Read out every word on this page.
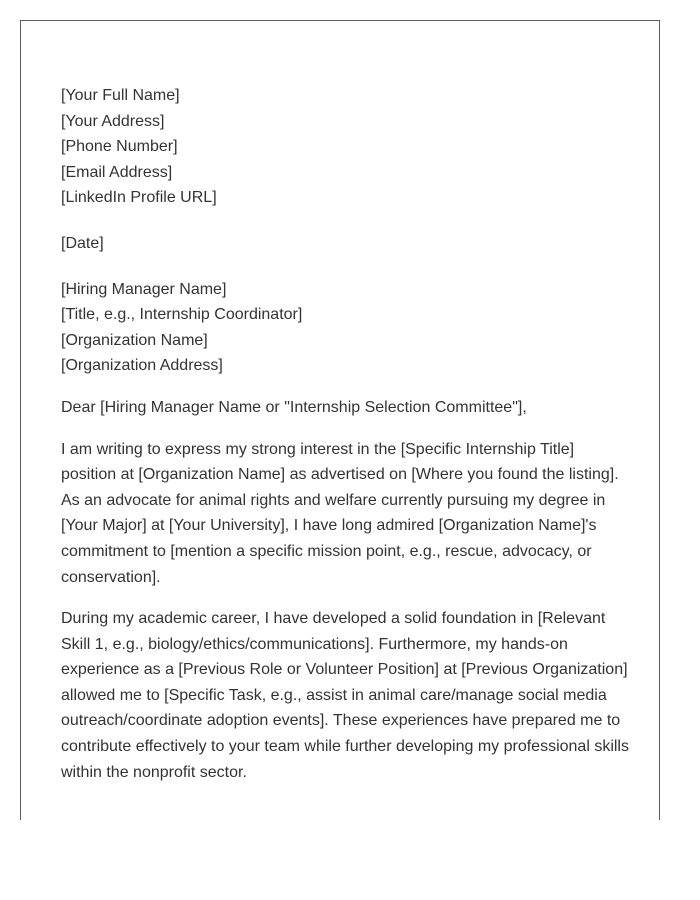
[Your Full Name]
[Your Address]
[Phone Number]
[Email Address]
[LinkedIn Profile URL]
[Date]
[Hiring Manager Name]
[Title, e.g., Internship Coordinator]
[Organization Name]
[Organization Address]
Dear [Hiring Manager Name or "Internship Selection Committee"],

I am writing to express my strong interest in the [Specific Internship Title] position at [Organization Name] as advertised on [Where you found the listing]. As an advocate for animal rights and welfare currently pursuing my degree in [Your Major] at [Your University], I have long admired [Organization Name]'s commitment to [mention a specific mission point, e.g., rescue, advocacy, or conservation].

During my academic career, I have developed a solid foundation in [Relevant Skill 1, e.g., biology/ethics/communications]. Furthermore, my hands-on experience as a [Previous Role or Volunteer Position] at [Previous Organization] allowed me to [Specific Task, e.g., assist in animal care/manage social media outreach/coordinate adoption events]. These experiences have prepared me to contribute effectively to your team while further developing my professional skills within the nonprofit sector.
